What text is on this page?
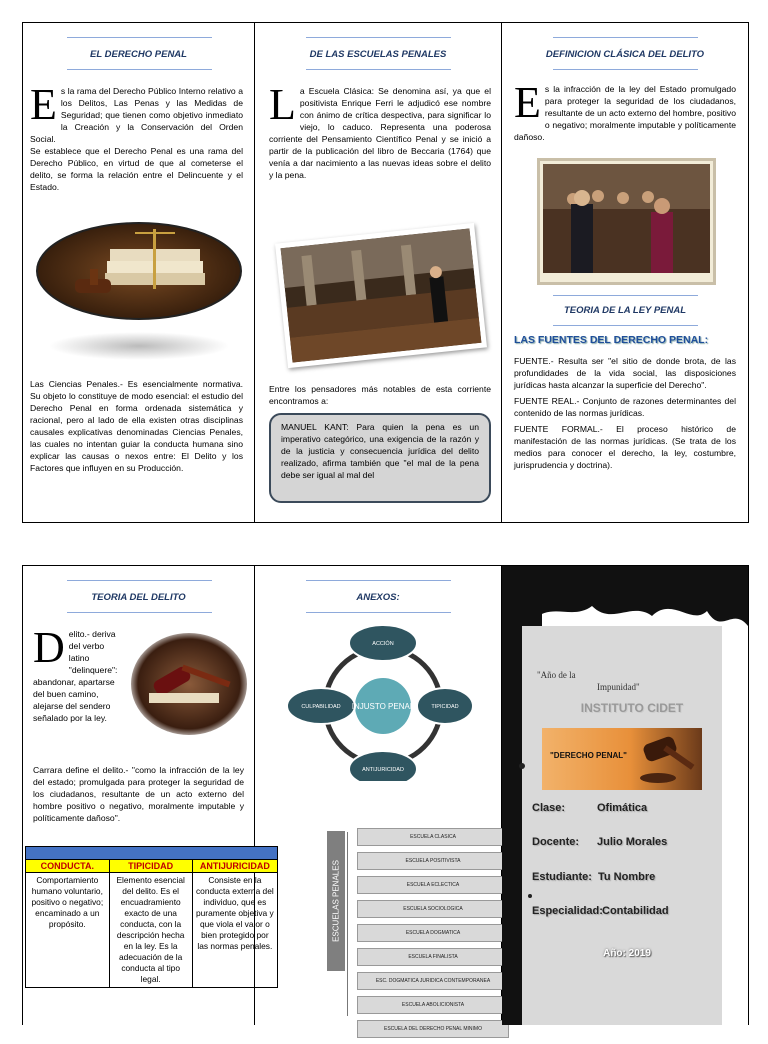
EL DERECHO PENAL
E s la rama del Derecho Público Interno relativo a los Delitos, Las Penas y las Medidas de Seguridad; que tienen como objetivo inmediato la Creación y la Conservación del Orden Social.
Se establece que el Derecho Penal es una rama del Derecho Público, en virtud de que al cometerse el delito, se forma la relación entre el Delincuente y el Estado.
Las Ciencias Penales.- Es esencialmente normativa. Su objeto lo constituye de modo esencial: el estudio del Derecho Penal en forma ordenada sistemática y racional, pero al lado de ella existen otras disciplinas causales explicativas denominadas Ciencias Penales, las cuales no intentan guiar la conducta humana sino explicar las causas o nexos entre: El Delito y los Factores que influyen en su Producción.
DE LAS ESCUELAS PENALES
L a Escuela Clásica: Se denomina así, ya que el positivista Enrique Ferri le adjudicó ese nombre con ánimo de crítica despectiva, para significar lo viejo, lo caduco. Representa una poderosa corriente del Pensamiento Científico Penal y se inició a partir de la publicación del libro de Beccaria (1764) que venía a dar nacimiento a las nuevas ideas sobre el delito y la pena.
Entre los pensadores más notables de esta corriente encontramos a:
MANUEL KANT: Para quien la pena es un imperativo categórico, una exigencia de la razón y de la justicia y consecuencia jurídica del delito realizado, afirma también que "el mal de la pena debe ser igual al mal del
DEFINICION CLÁSICA DEL DELITO
E s la infracción de la ley del Estado promulgado para proteger la seguridad de los ciudadanos, resultante de un acto externo del hombre, positivo o negativo; moralmente imputable y políticamente dañoso.
TEORIA DE LA LEY PENAL
LAS FUENTES DEL DERECHO PENAL:
FUENTE.- Resulta ser "el sitio de donde brota, de las profundidades de la vida social, las disposiciones jurídicas hasta alcanzar la superficie del Derecho".
FUENTE REAL.- Conjunto de razones determinantes del contenido de las normas jurídicas.
FUENTE FORMAL.- El proceso histórico de manifestación de las normas jurídicas. (Se trata de los medios para conocer el derecho, la ley, costumbre, jurisprudencia y doctrina).
TEORIA DEL DELITO
D elito.- deriva del verbo latino "delinquere": abandonar, apartarse del buen camino, alejarse del sendero señalado por la ley.
Carrara define el delito.- "como la infracción de la ley del estado; promulgada para proteger la seguridad de los ciudadanos, resultante de un acto externo del hombre positivo o negativo, moralmente imputable y políticamente dañoso".

CONDUCTA.	TIPICIDAD	ANTIJURICIDAD
Comportamiento humano voluntario, positivo o negativo; encaminado a un propósito.	Elemento esencial del delito. Es el encuadramiento exacto de una conducta, con la descripción hecha en la ley. Es la adecuación de la conducta al tipo legal.	Consiste en la conducta externa del individuo, que es puramente objetiva y que viola el valor o bien protegido por las normas penales.
ANEXOS:
ACCIÓN
TIPICIDAD
ANTIJURICIDAD
CULPABILIDAD INJUSTO PENAL
ESCUELAS PENALES
ESCUELA CLASICA
ESCUELA POSITIVISTA
ESCUELA ECLECTICA
ESCUELA SOCIOLOGICA
ESCUELA DOGMATICA
ESCUELA FINALISTA
ESC. DOGMATICA JURIDICA CONTEMPORANEA
ESCUELA ABOLICIONISTA
ESCUELA DEL DERECHO PENAL MINIMO
"Año de la
Impunidad"
INSTITUTO CIDET
"DERECHO PENAL"
Clase:	Ofimática
Docente: Julio Morales
Estudiante: Tu Nombre
Especialidad: Contabilidad
Año: 2019
